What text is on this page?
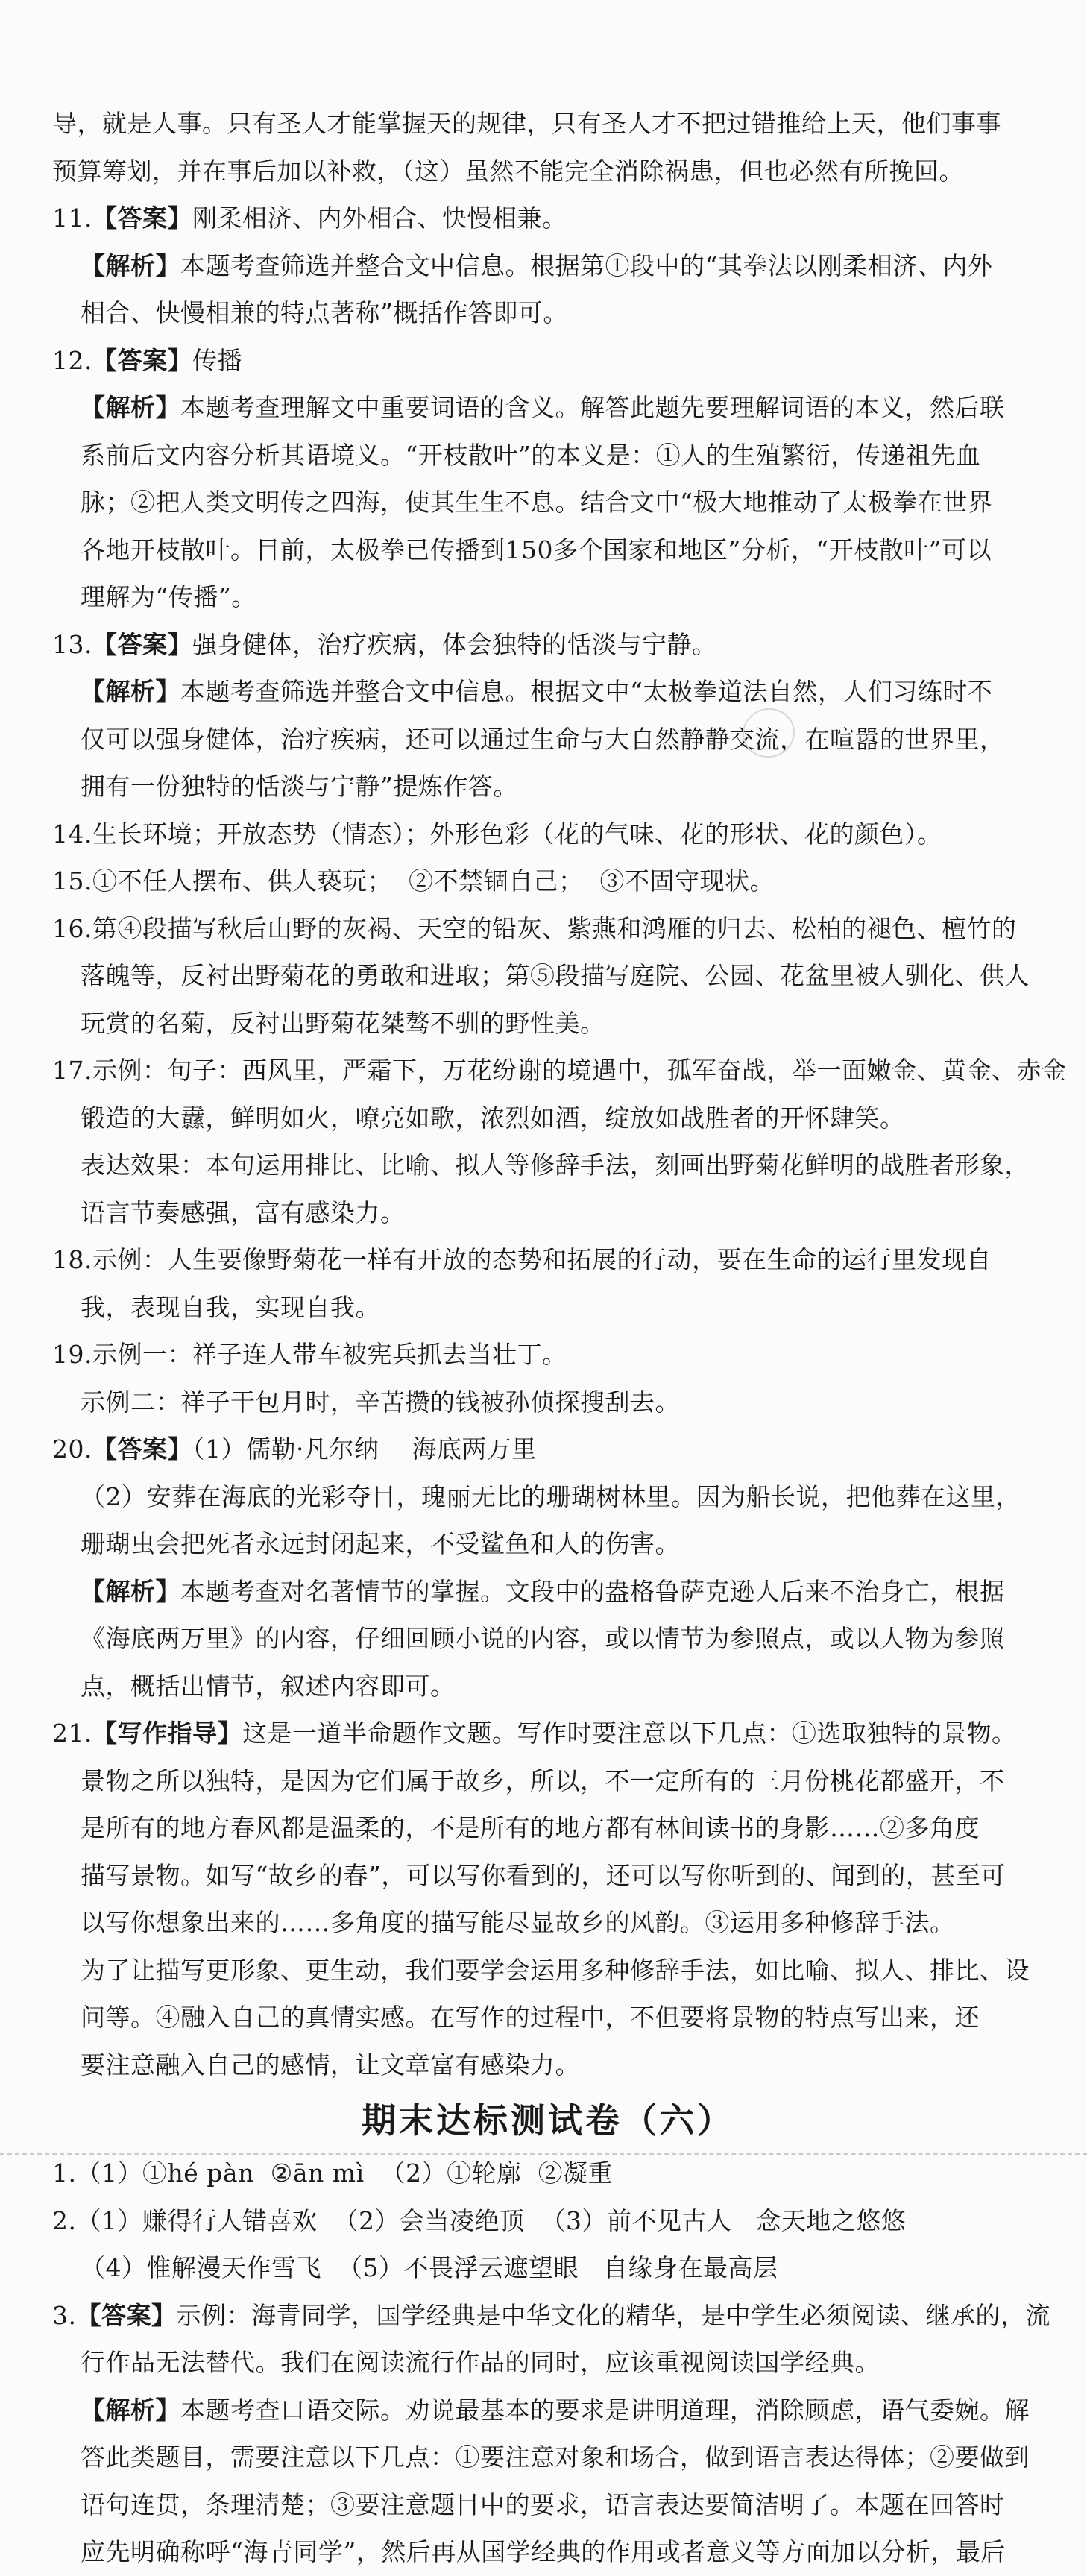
导，就是人事。只有圣人才能掌握天的规律，只有圣人才不把过错推给上天，他们事事

预算筹划，并在事后加以补救，（这）虽然不能完全消除祸患，但也必然有所挽回。

11.【答案】刚柔相济、内外相合、快慢相兼。

【解析】本题考查筛选并整合文中信息。根据第①段中的“其拳法以刚柔相济、内外

相合、快慢相兼的特点著称”概括作答即可。

12.【答案】传播

【解析】本题考查理解文中重要词语的含义。解答此题先要理解词语的本义，然后联

系前后文内容分析其语境义。“开枝散叶”的本义是：①人的生殖繁衍，传递祖先血

脉；②把人类文明传之四海，使其生生不息。结合文中“极大地推动了太极拳在世界

各地开枝散叶。目前，太极拳已传播到150多个国家和地区”分析，“开枝散叶”可以

理解为“传播”。

13.【答案】强身健体，治疗疾病，体会独特的恬淡与宁静。

【解析】本题考查筛选并整合文中信息。根据文中“太极拳道法自然，人们习练时不

仅可以强身健体，治疗疾病，还可以通过生命与大自然静静交流，在喧嚣的世界里，

拥有一份独特的恬淡与宁静”提炼作答。

14.生长环境；开放态势（情态）；外形色彩（花的气味、花的形状、花的颜色）。

15.①不任人摆布、供人亵玩；  ②不禁锢自己；  ③不固守现状。

16.第④段描写秋后山野的灰褐、天空的铅灰、紫燕和鸿雁的归去、松柏的褪色、檀竹的

落魄等，反衬出野菊花的勇敢和进取；第⑤段描写庭院、公园、花盆里被人驯化、供人

玩赏的名菊，反衬出野菊花桀骜不驯的野性美。

17.示例：句子：西风里，严霜下，万花纷谢的境遇中，孤军奋战，举一面嫩金、黄金、赤金

锻造的大纛，鲜明如火，嘹亮如歌，浓烈如酒，绽放如战胜者的开怀肆笑。

表达效果：本句运用排比、比喻、拟人等修辞手法，刻画出野菊花鲜明的战胜者形象，

语言节奏感强，富有感染力。

18.示例：人生要像野菊花一样有开放的态势和拓展的行动，要在生命的运行里发现自

我，表现自我，实现自我。

19.示例一：祥子连人带车被宪兵抓去当壮丁。

示例二：祥子干包月时，辛苦攒的钱被孙侦探搜刮去。

20.【答案】（1）儒勒·凡尔纳    海底两万里

（2）安葬在海底的光彩夺目，瑰丽无比的珊瑚树林里。因为船长说，把他葬在这里，

珊瑚虫会把死者永远封闭起来，不受鲨鱼和人的伤害。

【解析】本题考查对名著情节的掌握。文段中的盎格鲁萨克逊人后来不治身亡，根据

《海底两万里》的内容，仔细回顾小说的内容，或以情节为参照点，或以人物为参照

点，概括出情节，叙述内容即可。

21.【写作指导】这是一道半命题作文题。写作时要注意以下几点：①选取独特的景物。

景物之所以独特，是因为它们属于故乡，所以，不一定所有的三月份桃花都盛开，不

是所有的地方春风都是温柔的，不是所有的地方都有林间读书的身影……②多角度

描写景物。如写“故乡的春”，可以写你看到的，还可以写你听到的、闻到的，甚至可

以写你想象出来的……多角度的描写能尽显故乡的风韵。③运用多种修辞手法。

为了让描写更形象、更生动，我们要学会运用多种修辞手法，如比喻、拟人、排比、设

问等。④融入自己的真情实感。在写作的过程中，不但要将景物的特点写出来，还

要注意融入自己的感情，让文章富有感染力。

期末达标测试卷（六）

1.（1）①hé pàn  ②ān mì  （2）①轮廓  ②凝重

2.（1）赚得行人错喜欢  （2）会当凌绝顶  （3）前不见古人   念天地之悠悠

（4）惟解漫天作雪飞  （5）不畏浮云遮望眼   自缘身在最高层

3.【答案】示例：海青同学，国学经典是中华文化的精华，是中学生必须阅读、继承的，流

行作品无法替代。我们在阅读流行作品的同时，应该重视阅读国学经典。

【解析】本题考查口语交际。劝说最基本的要求是讲明道理，消除顾虑，语气委婉。解

答此类题目，需要注意以下几点：①要注意对象和场合，做到语言表达得体；②要做到

语句连贯，条理清楚；③要注意题目中的要求，语言表达要简洁明了。本题在回答时

应先明确称呼“海青同学”，然后再从国学经典的作用或者意义等方面加以分析，最后
